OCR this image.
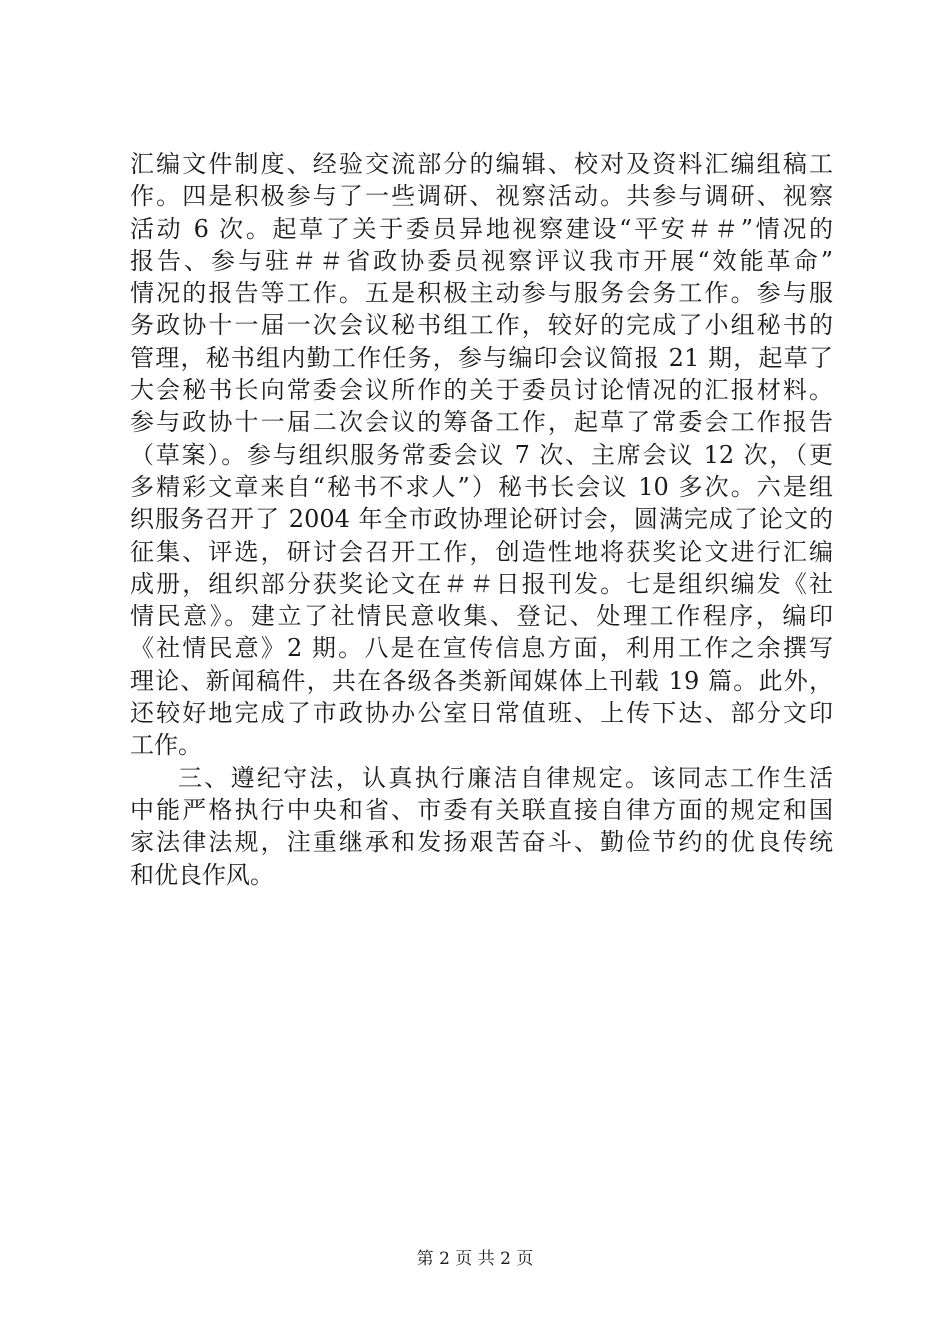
汇编文件制度、经验交流部分的编辑、校对及资料汇编组稿工
作。四是积极参与了一些调研、视察活动。共参与调研、视察
活动 6 次。起草了关于委员异地视察建设“平安＃＃”情况的
报告、参与驻＃＃省政协委员视察评议我市开展“效能革命”
情况的报告等工作。五是积极主动参与服务会务工作。参与服
务政协十一届一次会议秘书组工作，较好的完成了小组秘书的
管理，秘书组内勤工作任务，参与编印会议简报 21 期，起草了
大会秘书长向常委会议所作的关于委员讨论情况的汇报材料。
参与政协十一届二次会议的筹备工作，起草了常委会工作报告
（草案）。参与组织服务常委会议 7 次、主席会议 12 次，（更
多精彩文章来自“秘书不求人”）秘书长会议 10 多次。六是组
织服务召开了 2004 年全市政协理论研讨会，圆满完成了论文的
征集、评选，研讨会召开工作，创造性地将获奖论文进行汇编
成册，组织部分获奖论文在＃＃日报刊发。七是组织编发《社
情民意》。建立了社情民意收集、登记、处理工作程序，编印
《社情民意》2 期。八是在宣传信息方面，利用工作之余撰写
理论、新闻稿件，共在各级各类新闻媒体上刊载 19 篇。此外，
还较好地完成了市政协办公室日常值班、上传下达、部分文印
工作。
三、遵纪守法，认真执行廉洁自律规定。该同志工作生活
中能严格执行中央和省、市委有关联直接自律方面的规定和国
家法律法规，注重继承和发扬艰苦奋斗、勤俭节约的优良传统
和优良作风。
第 2 页 共 2 页
